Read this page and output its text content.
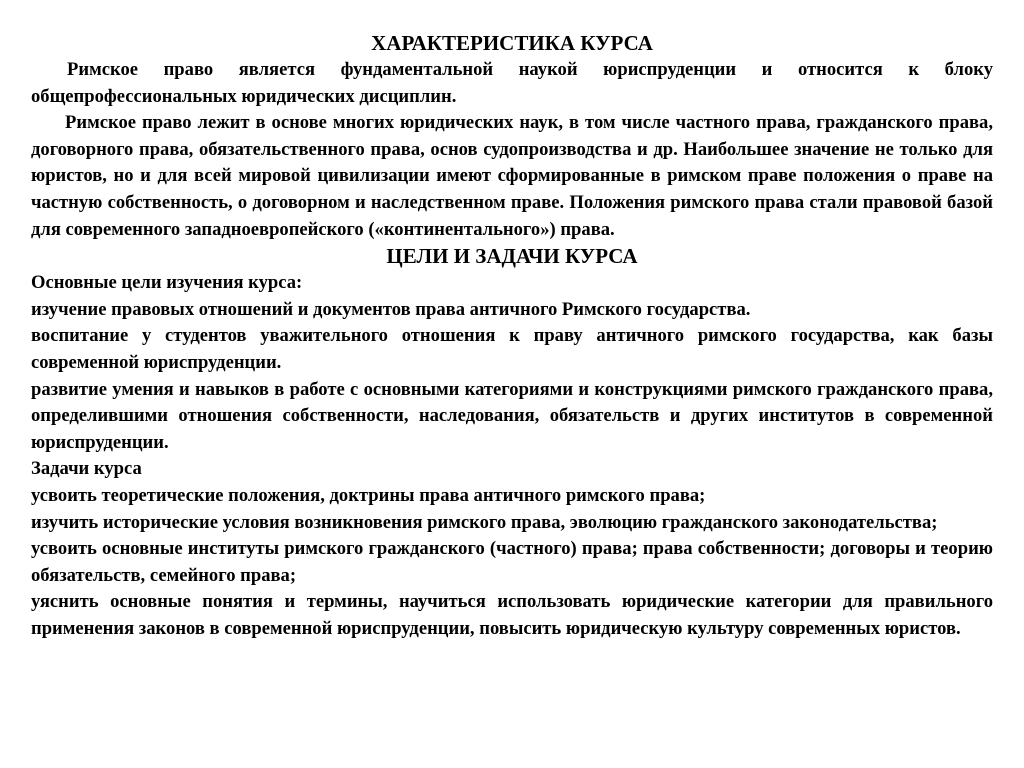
ХАРАКТЕРИСТИКА КУРСА

Римское право является фундаментальной наукой юриспруденции и относится к блоку общепрофессиональных юридических дисциплин.

Римское право лежит в основе многих юридических наук, в том числе частного права, гражданского права, договорного права, обязательственного права, основ судопроизводства и др. Наибольшее значение не только для юристов, но и для всей мировой цивилизации имеют сформированные в римском праве положения о праве на частную собственность, о договорном и наследственном праве. Положения римского права стали правовой базой для современного западноевропейского («континентального») права.

ЦЕЛИ И ЗАДАЧИ КУРСА

Основные цели изучения курса:

изучение правовых отношений и документов права античного Римского государства.

воспитание у студентов уважительного отношения к праву античного римского государства, как базы современной юриспруденции.

развитие умения и навыков в работе с основными категориями и конструкциями римского гражданского права, определившими отношения собственности, наследования, обязательств и других институтов в современной юриспруденции.

Задачи курса

усвоить теоретические положения, доктрины права античного римского права;

изучить исторические условия возникновения римского права, эволюцию гражданского законодательства;

усвоить основные институты римского гражданского (частного) права; права собственности; договоры и теорию обязательств, семейного права;

уяснить основные понятия и термины, научиться использовать юридические категории для правильного применения законов в современной юриспруденции, повысить юридическую культуру современных юристов.
